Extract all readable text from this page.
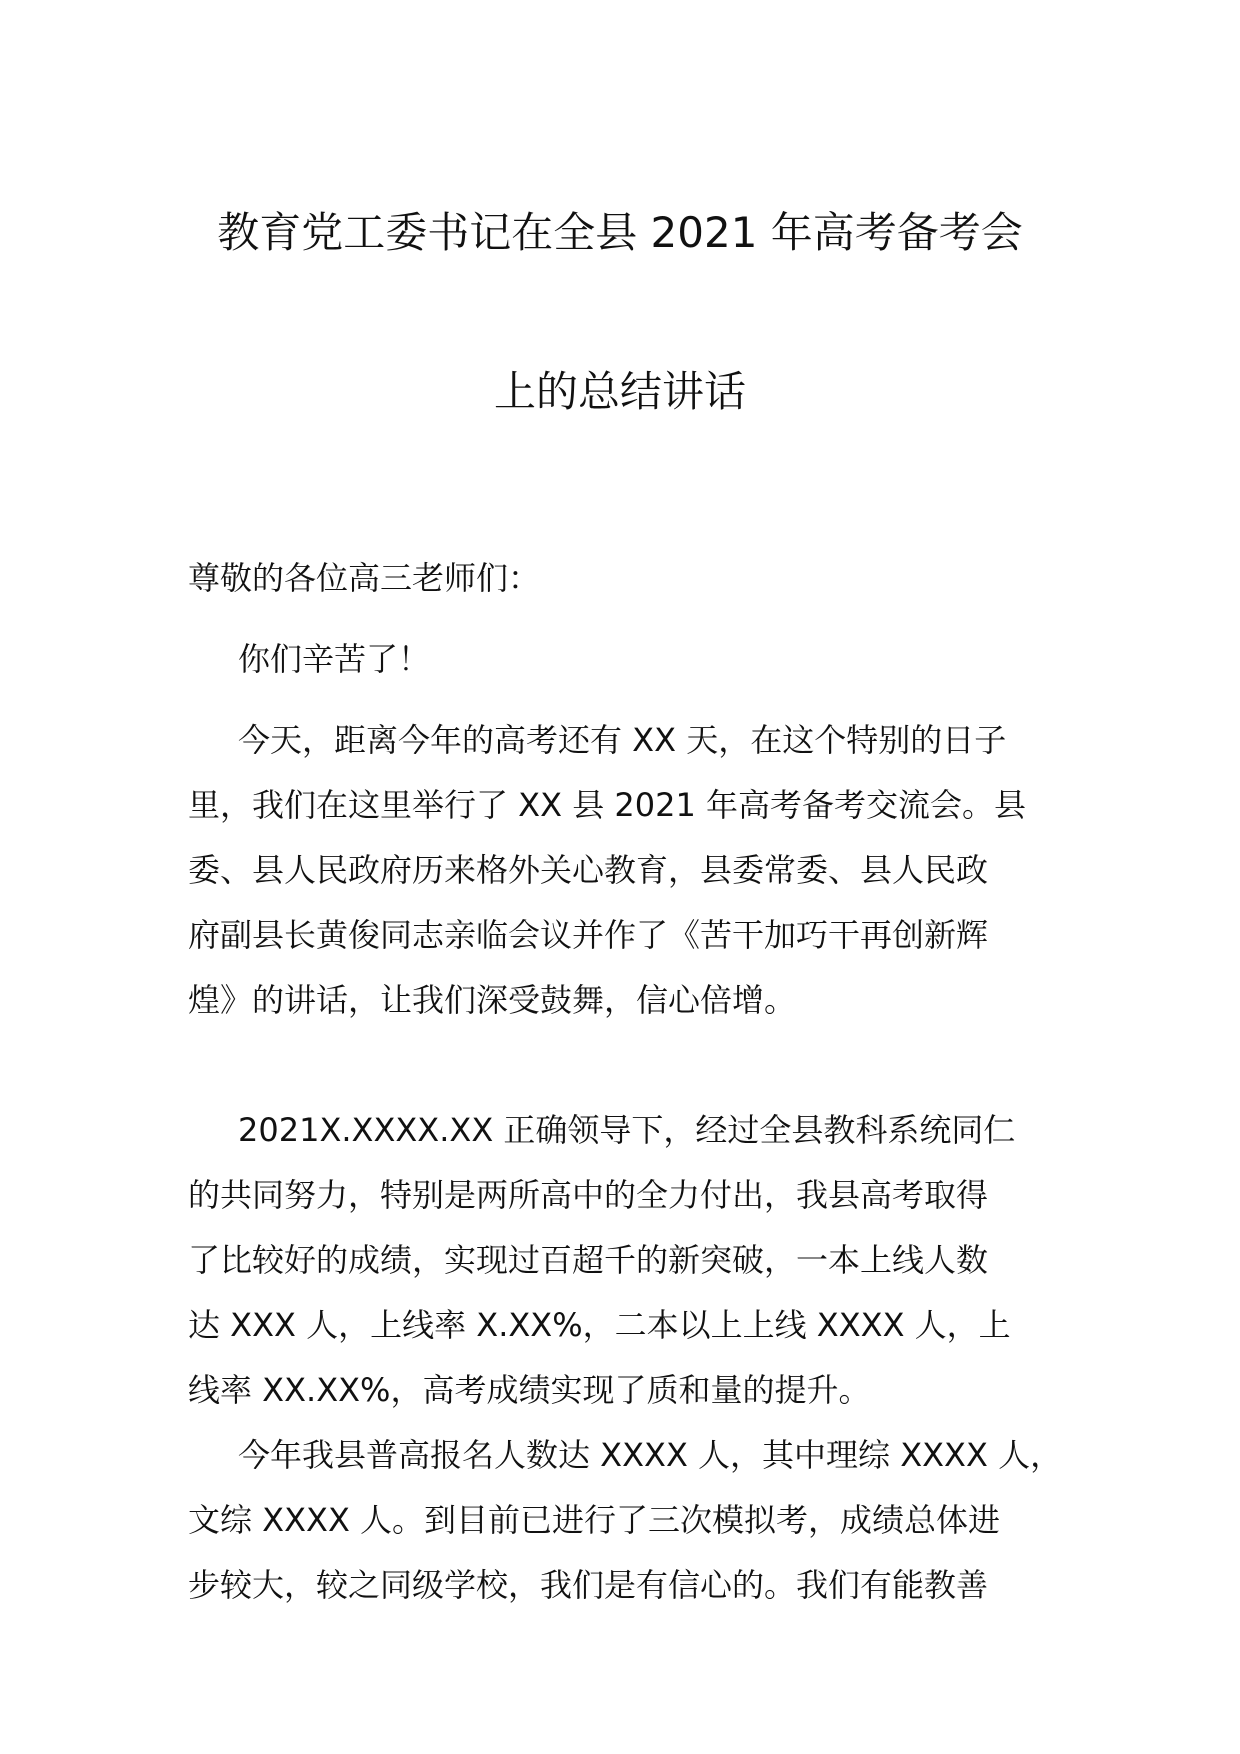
教育党工委书记在全县 2021 年高考备考会
上的总结讲话
尊敬的各位高三老师们：
你们辛苦了！
今天，距离今年的高考还有 XX 天，在这个特别的日子
里，我们在这里举行了 XX 县 2021 年高考备考交流会。县
委、县人民政府历来格外关心教育，县委常委、县人民政
府副县长黄俊同志亲临会议并作了《苦干加巧干再创新辉
煌》的讲话，让我们深受鼓舞，信心倍增。
2021X.XXXX.XX 正确领导下，经过全县教科系统同仁
的共同努力，特别是两所高中的全力付出，我县高考取得
了比较好的成绩，实现过百超千的新突破，一本上线人数
达 XXX 人，上线率 X.XX%，二本以上上线 XXXX 人，上
线率 XX.XX%，高考成绩实现了质和量的提升。
今年我县普高报名人数达 XXXX 人，其中理综 XXXX 人，
文综 XXXX 人。到目前已进行了三次模拟考，成绩总体进
步较大，较之同级学校，我们是有信心的。我们有能教善
